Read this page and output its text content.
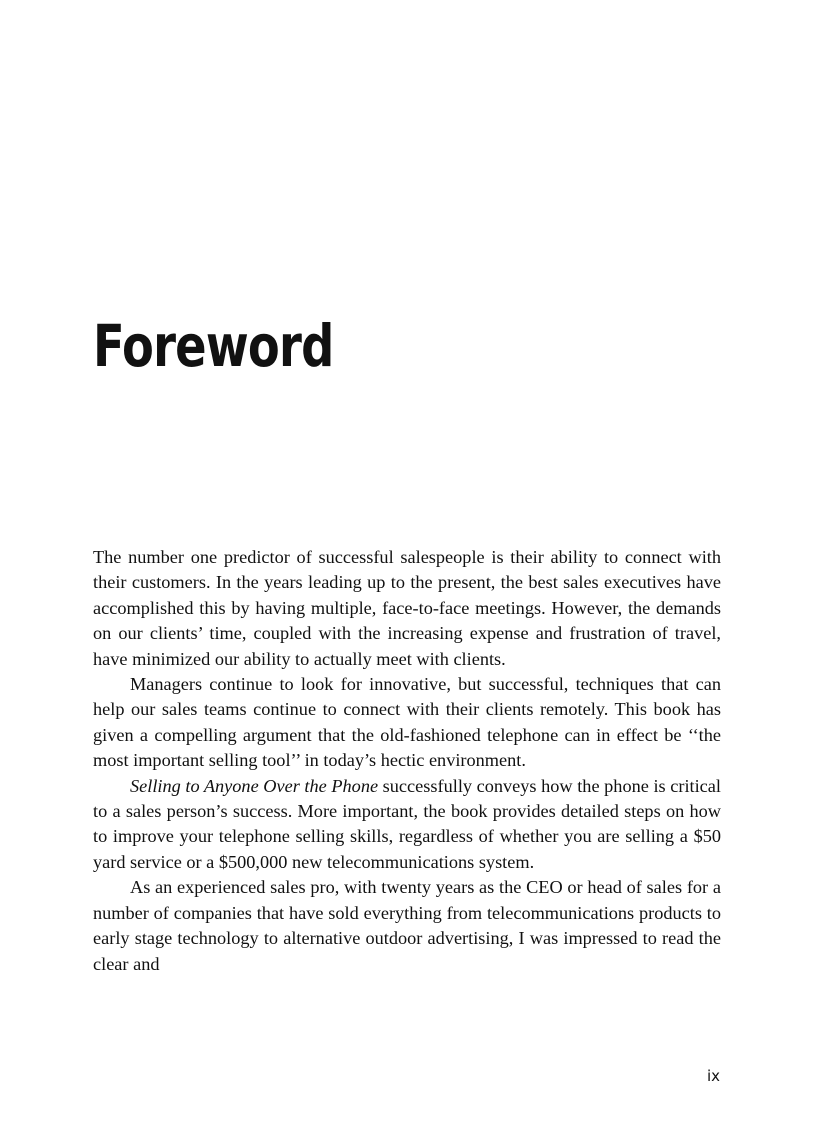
Foreword

The number one predictor of successful salespeople is their ability to connect with their customers. In the years leading up to the present, the best sales executives have accomplished this by having multiple, face-to-face meetings. However, the demands on our clients’ time, coupled with the increasing expense and frustration of travel, have minimized our ability to actually meet with clients.

Managers continue to look for innovative, but successful, techniques that can help our sales teams continue to connect with their clients remotely. This book has given a compelling argument that the old-fashioned telephone can in effect be ‘‘the most important selling tool’’ in today’s hectic environment.

Selling to Anyone Over the Phone successfully conveys how the phone is critical to a sales person’s success. More important, the book provides detailed steps on how to improve your telephone selling skills, regardless of whether you are selling a $50 yard service or a $500,000 new telecommunications system.

As an experienced sales pro, with twenty years as the CEO or head of sales for a number of companies that have sold everything from telecommunications products to early stage technology to alternative outdoor advertising, I was impressed to read the clear and

ix
